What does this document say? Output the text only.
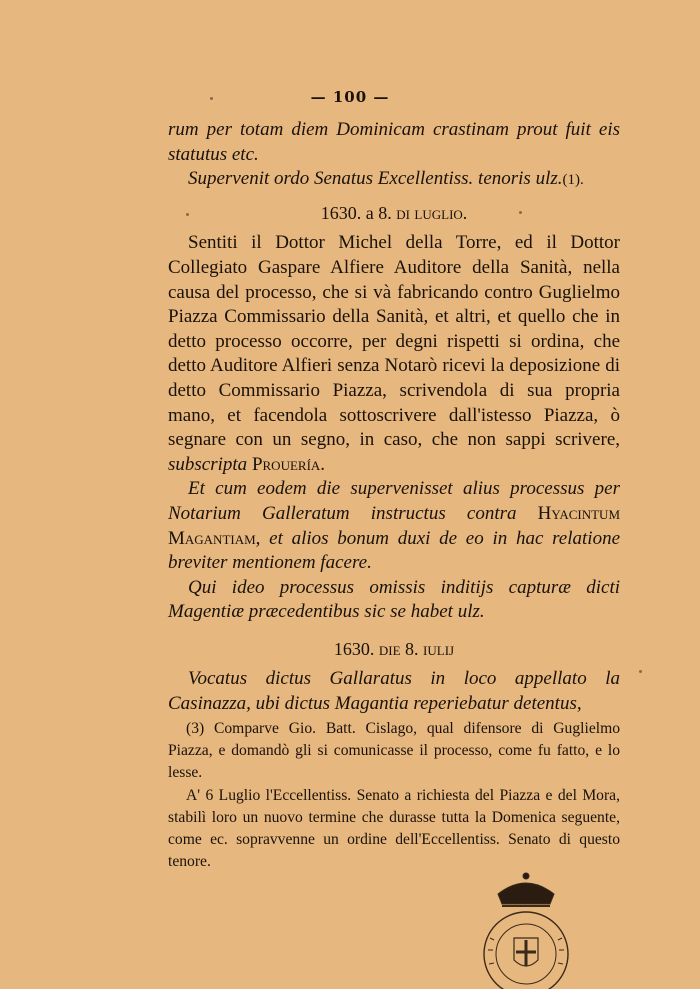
— 100 —

rum per totam diem Dominicam crastinam prout fuit eis statutus etc.

Supervenit ordo Senatus Excellentiss. tenoris ulz.(1).

1630. a 8. di luglio.

Sentiti il Dottor Michel della Torre, ed il Dottor Collegiato Gaspare Alfiere Auditore della Sanità, nella causa del processo, che si và fabricando contro Guglielmo Piazza Commissario della Sanità, et altri, et quello che in detto processo occorre, per degni rispetti si ordina, che detto Auditore Alfieri senza Notarò ricevi la deposizione di detto Commissario Piazza, scrivendola di sua propria mano, et facendola sottoscrivere dall'istesso Piazza, ò segnare con un segno, in caso, che non sappi scrivere, subscripta Prouería.

Et cum eodem die supervenisset alius processus per Notarium Galleratum instructus contra Hyacintum Magantiam, et alios bonum duxi de eo in hac relatione breviter mentionem facere.

Qui ideo processus omissis inditijs capturæ dicti Magentiæ præcedentibus sic se habet ulz.

1630. die 8. iulij

Vocatus dictus Gallaratus in loco appellato la Casinazza, ubi dictus Magantia reperiebatur detentus,

(3) Comparve Gio. Batt. Cislago, qual difensore di Guglielmo Piazza, e domandò gli si comunicasse il processo, come fu fatto, e lo lesse.

A' 6 Luglio l'Eccellentiss. Senato a richiesta del Piazza e del Mora, stabilì loro un nuovo termine che durasse tutta la Domenica seguente, come ec. sopravvenne un ordine dell'Eccellentiss. Senato di questo tenore.
